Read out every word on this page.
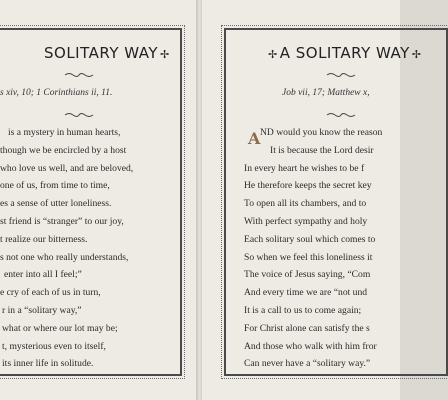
SOLITARY WAY ✢
s xiv, 10; 1 Corinthians ii, 11.
is a mystery in human hearts,
though we be encircled by a host
who love us well, and are beloved,
one of us, from time to time,
es a sense of utter loneliness.
st friend is “stranger” to our joy,
t realize our bitterness.
s not one who really understands,
enter into all I feel;”
e cry of each of us in turn,
r in a “solitary way,”
what or where our lot may be;
t, mysterious even to itself,
its inner life in solitude.
✢ A SOLITARY WAY ✢
Job vii, 17; Matthew x,
A ND would you know the reason
It is because the Lord desir
In every heart he wishes to be f
He therefore keeps the secret key
To open all its chambers, and to
With perfect sympathy and holy
Each solitary soul which comes to
So when we feel this loneliness it
The voice of Jesus saying, “Com
And every time we are “not und
It is a call to us to come again;
For Christ alone can satisfy the s
And those who walk with him fror
Can never have a “solitary way.”
